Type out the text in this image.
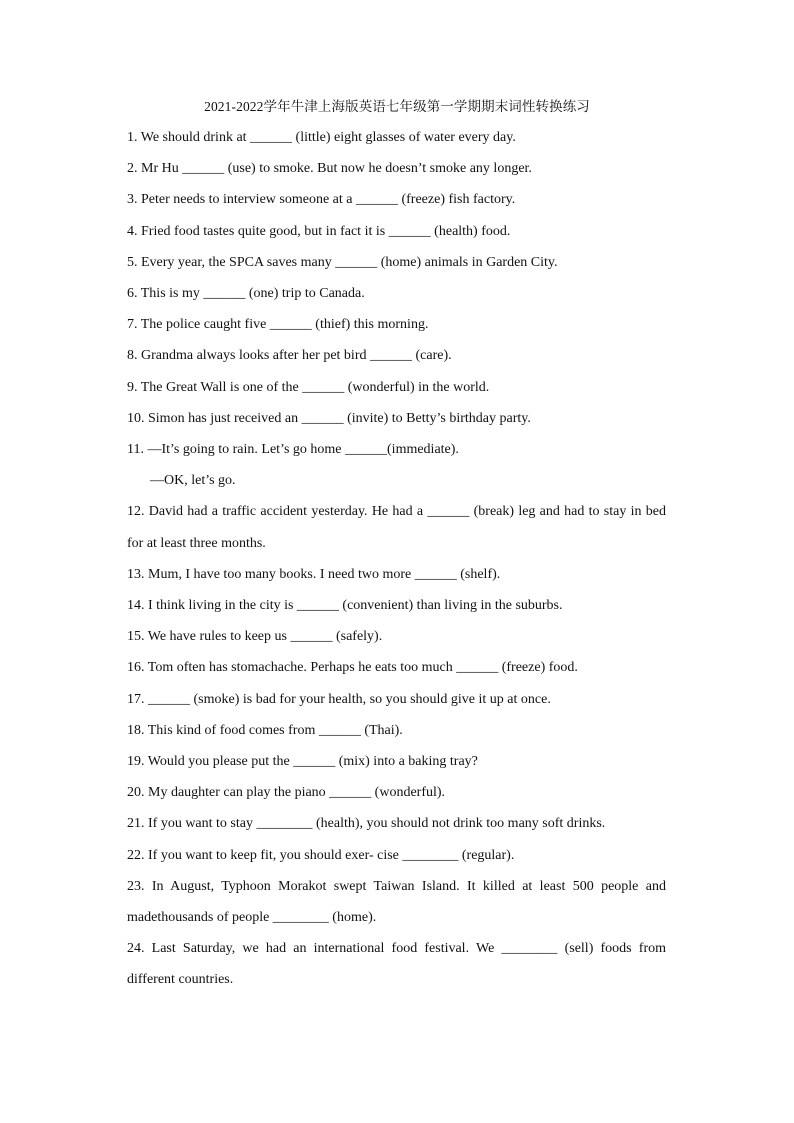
2021-2022学年牛津上海版英语七年级第一学期期末词性转换练习

1. We should drink at ______ (little) eight glasses of water every day.

2. Mr Hu ______ (use) to smoke. But now he doesn’t smoke any longer.

3. Peter needs to interview someone at a ______ (freeze) fish factory.

4. Fried food tastes quite good, but in fact it is ______ (health) food.

5. Every year, the SPCA saves many ______ (home) animals in Garden City.

6. This is my ______ (one) trip to Canada.

7. The police caught five ______ (thief) this morning.

8. Grandma always looks after her pet bird ______ (care).

9. The Great Wall is one of the ______ (wonderful) in the world.

10. Simon has just received an ______ (invite) to Betty’s birthday party.

11. —It’s going to rain. Let’s go home ______(immediate).

—OK, let’s go.

12. David had a traffic accident yesterday. He had a ______ (break) leg and had to stay in bed for at least three months.

13. Mum, I have too many books. I need two more ______ (shelf).

14. I think living in the city is ______ (convenient) than living in the suburbs.

15. We have rules to keep us ______ (safely).

16. Tom often has stomachache. Perhaps he eats too much ______ (freeze) food.

17. ______ (smoke) is bad for your health, so you should give it up at once.

18. This kind of food comes from ______ (Thai).

19. Would you please put the ______ (mix) into a baking tray?

20. My daughter can play the piano ______ (wonderful).

21. If you want to stay ________ (health), you should not drink too many soft drinks.

22. If you want to keep fit, you should exer- cise ________ (regular).

23. In August, Typhoon Morakot swept Taiwan Island. It killed at least 500 people and madethousands of people ________ (home).

24. Last Saturday, we had an international food festival. We ________ (sell) foods from different countries.
